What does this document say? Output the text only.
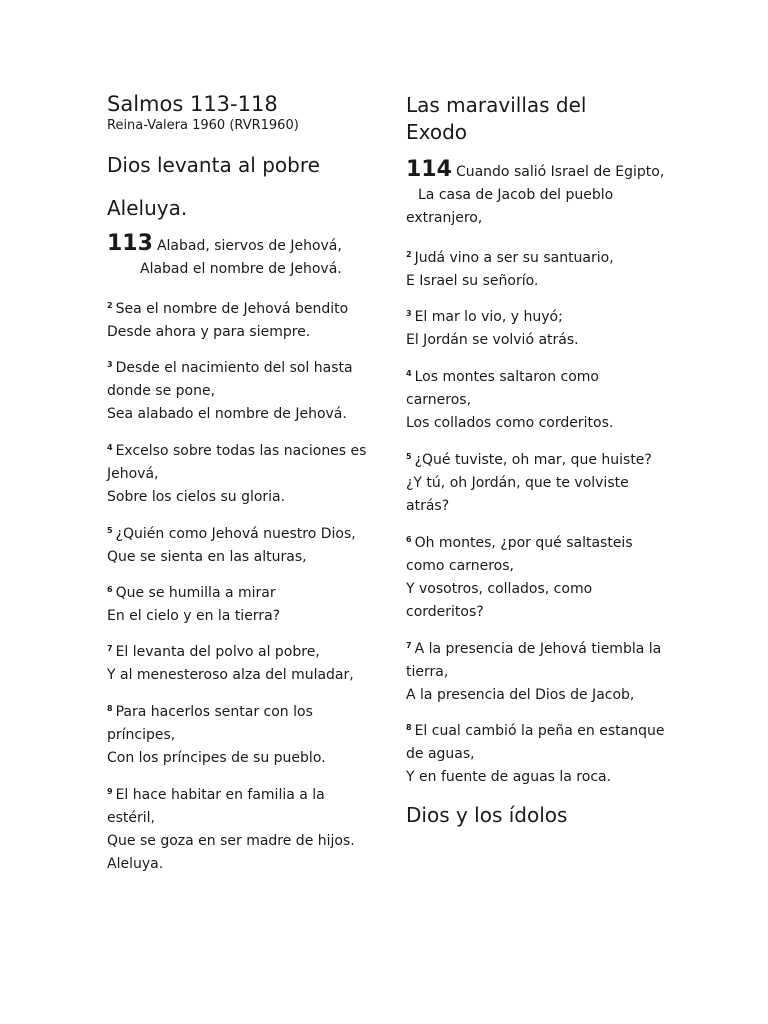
Salmos 113-118
Reina-Valera 1960 (RVR1960)
Dios levanta al pobre
Aleluya.
113 Alabad, siervos de Jehová,
Alabad el nombre de Jehová.
$^2$ Sea el nombre de Jehová bendito
Desde ahora y para siempre.
$^3$ Desde el nacimiento del sol hasta
donde se pone,
Sea alabado el nombre de Jehová.
$^4$ Excelso sobre todas las naciones es
Jehová,
Sobre los cielos su gloria.
$^5$ ¿Quién como Jehová nuestro Dios,
Que se sienta en las alturas,
$^6$ Que se humilla a mirar
En el cielo y en la tierra?
$^7$ El levanta del polvo al pobre,
Y al menesteroso alza del muladar,
$^8$ Para hacerlos sentar con los
príncipes,
Con los príncipes de su pueblo.
$^9$ El hace habitar en familia a la
estéril,
Que se goza en ser madre de hijos.
Aleluya.
Las maravillas del
Exodo
114 Cuando salió Israel de Egipto,
La casa de Jacob del pueblo
extranjero,
$^2$ Judá vino a ser su santuario,
E Israel su señorío.
$^3$ El mar lo vio, y huyó;
El Jordán se volvió atrás.
$^4$ Los montes saltaron como
carneros,
Los collados como corderitos.
$^5$ ¿Qué tuviste, oh mar, que huiste?
¿Y tú, oh Jordán, que te volviste
atrás?
$^6$ Oh montes, ¿por qué saltasteis
como carneros,
Y vosotros, collados, como
corderitos?
$^7$ A la presencia de Jehová tiembla la
tierra,
A la presencia del Dios de Jacob,
$^8$ El cual cambió la peña en estanque
de aguas,
Y en fuente de aguas la roca.
Dios y los ídolos
